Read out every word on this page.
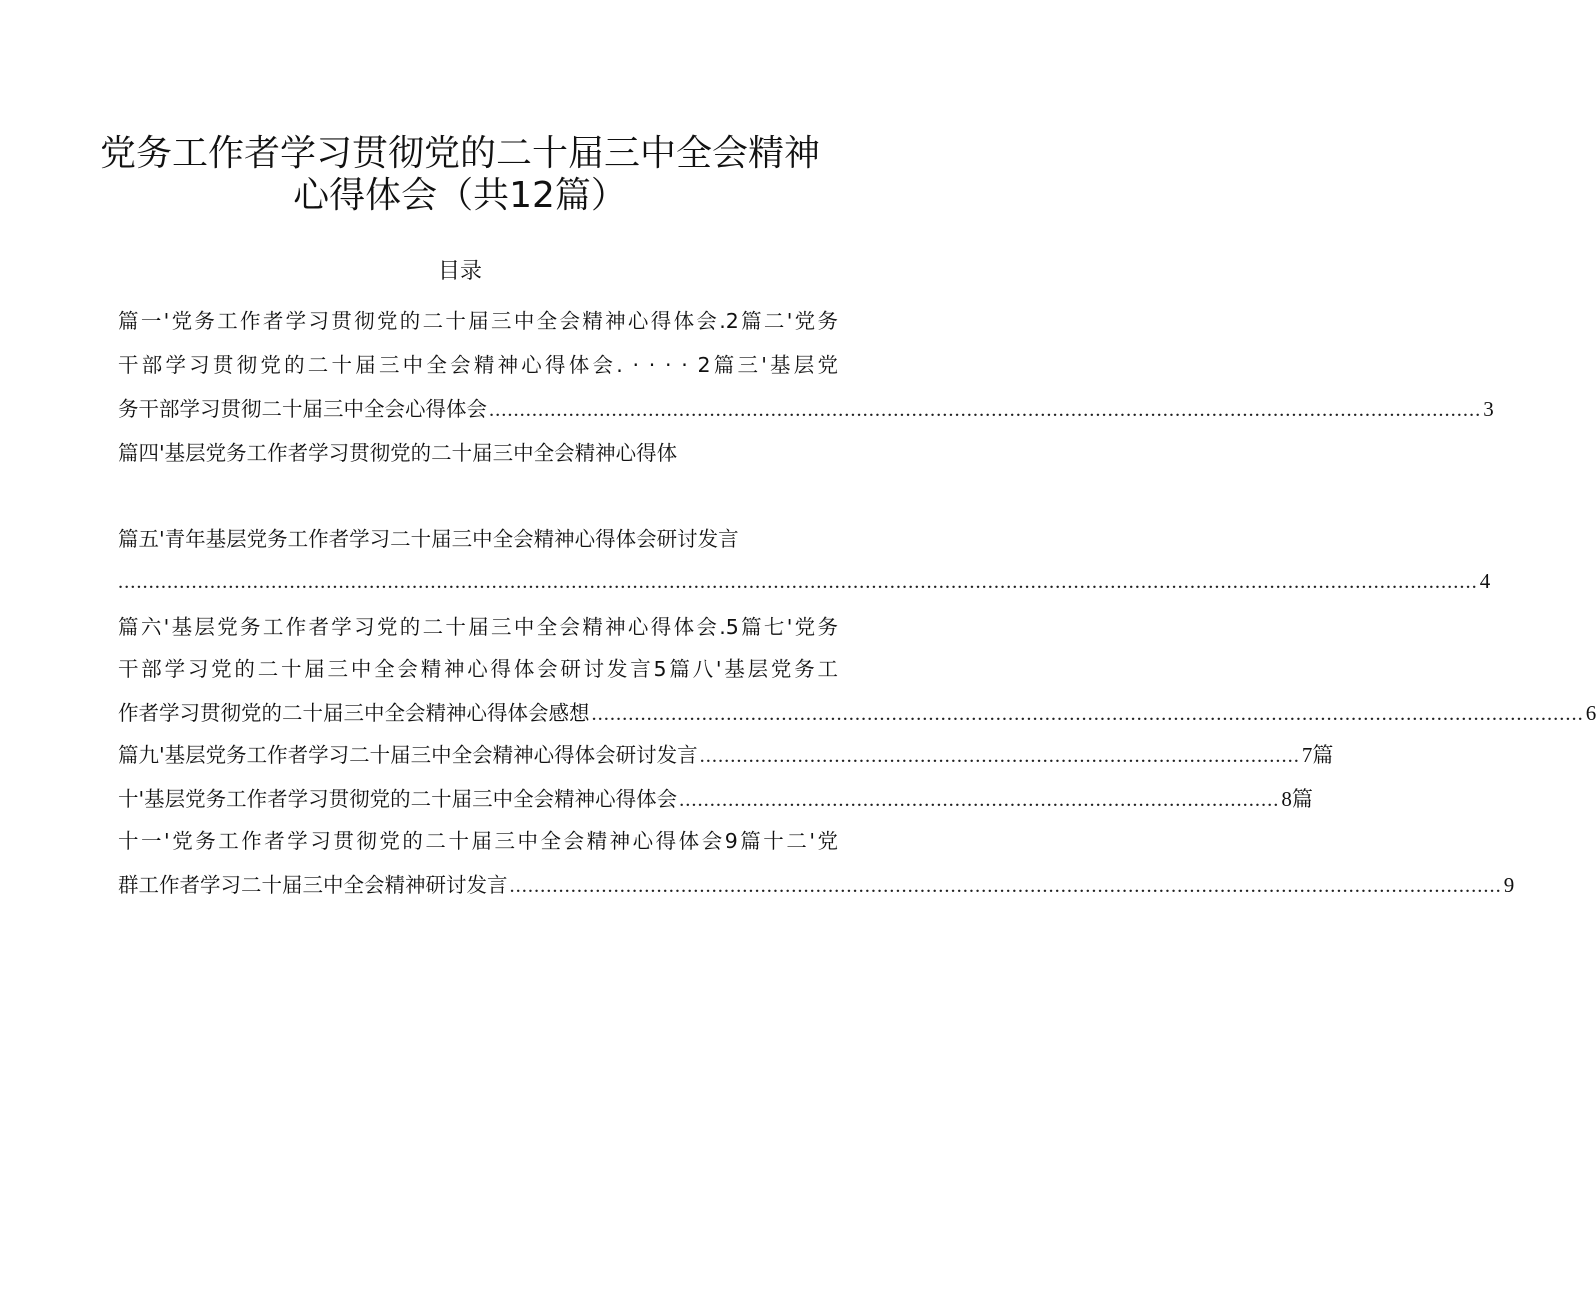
党务工作者学习贯彻党的二十届三中全会精神
心得体会（共12篇）
目录
篇一'党务工作者学习贯彻党的二十届三中全会精神心得体会.2篇二'党务
干部学习贯彻党的二十届三中全会精神心得体会. · · · · 2篇三'基层党
务干部学习贯彻二十届三中全会心得体会 .................................................................................................................................................................. 3
篇四'基层党务工作者学习贯彻党的二十届三中全会精神心得体
篇五'青年基层党务工作者学习二十届三中全会精神心得体会研讨发言
.............................................................................................................................................................................................................................. 4
篇六'基层党务工作者学习党的二十届三中全会精神心得体会.5篇七'党务
干部学习党的二十届三中全会精神心得体会研讨发言5篇八'基层党务工
作者学习贯彻党的二十届三中全会精神心得体会感想 .................................................................................................................................................................. 6
篇九'基层党务工作者学习二十届三中全会精神心得体会研讨发言 .................................................................................................. 7篇
十'基层党务工作者学习贯彻党的二十届三中全会精神心得体会 .................................................................................................. 8篇
十一'党务工作者学习贯彻党的二十届三中全会精神心得体会9篇十二'党
群工作者学习二十届三中全会精神研讨发言 .................................................................................................................................................................. 9
